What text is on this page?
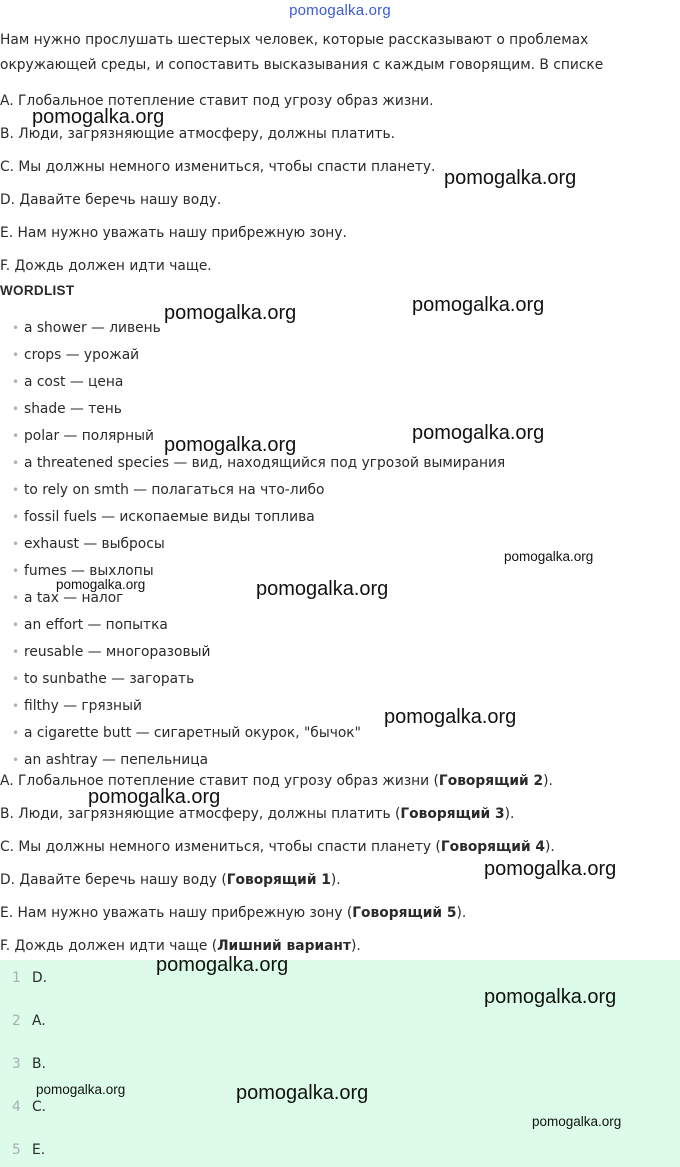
pomogalka.org
Нам нужно прослушать шестерых человек, которые рассказывают о проблемах окружающей среды, и сопоставить высказывания с каждым говорящим. В списке
A. Глобальное потепление ставит под угрозу образ жизни.
B. Люди, загрязняющие атмосферу, должны платить.
C. Мы должны немного измениться, чтобы спасти планету.
D. Давайте беречь нашу воду.
E. Нам нужно уважать нашу прибрежную зону.
F. Дождь должен идти чаще.
WORDLIST
• a shower — ливень
• crops — урожай
• a cost — цена
• shade — тень
• polar — полярный
• a threatened species — вид, находящийся под угрозой вымирания
• to rely on smth — полагаться на что-либо
• fossil fuels — ископаемые виды топлива
• exhaust — выбросы
• fumes — выхлопы
• a tax — налог
• an effort — попытка
• reusable — многоразовый
• to sunbathe — загорать
• filthy — грязный
• a cigarette butt — сигаретный окурок, "бычок"
• an ashtray — пепельница
A. Глобальное потепление ставит под угрозу образ жизни (Говорящий 2).
B. Люди, загрязняющие атмосферу, должны платить (Говорящий 3).
C. Мы должны немного измениться, чтобы спасти планету (Говорящий 4).
D. Давайте беречь нашу воду (Говорящий 1).
E. Нам нужно уважать нашу прибрежную зону (Говорящий 5).
F. Дождь должен идти чаще (Лишний вариант).
1 D.
2 A.
3 B.
4 C.
5 E.
pomogalka.org
pomogalka.org
pomogalka.org
pomogalka.org
pomogalka.org
pomogalka.org
pomogalka.org
pomogalka.org
pomogalka.org
pomogalka.org
pomogalka.org
pomogalka.org
pomogalka.org
pomogalka.org
pomogalka.org	pomogalka.org
pomogalka.org
